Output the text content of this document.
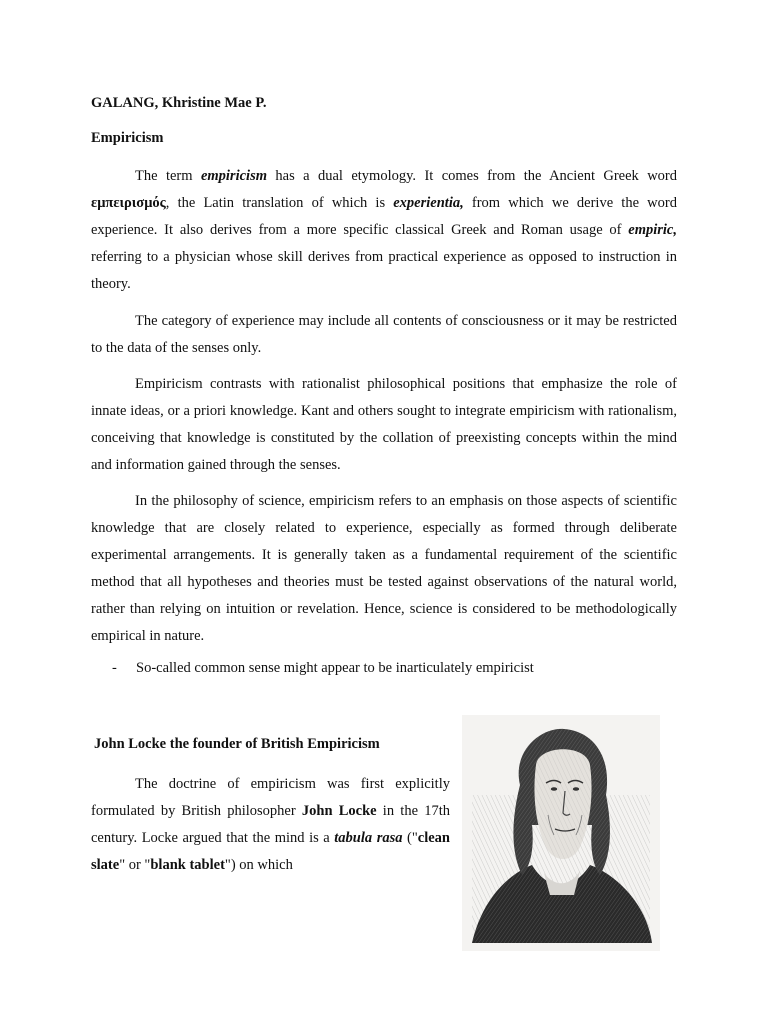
GALANG, Khristine Mae P.

Empiricism

The term empiricism has a dual etymology. It comes from the Ancient Greek word εμπειρισμός, the Latin translation of which is experientia, from which we derive the word experience. It also derives from a more specific classical Greek and Roman usage of empiric, referring to a physician whose skill derives from practical experience as opposed to instruction in theory.

The category of experience may include all contents of consciousness or it may be restricted to the data of the senses only.

Empiricism contrasts with rationalist philosophical positions that emphasize the role of innate ideas, or a priori knowledge. Kant and others sought to integrate empiricism with rationalism, conceiving that knowledge is constituted by the collation of preexisting concepts within the mind and information gained through the senses.

In the philosophy of science, empiricism refers to an emphasis on those aspects of scientific knowledge that are closely related to experience, especially as formed through deliberate experimental arrangements. It is generally taken as a fundamental requirement of the scientific method that all hypotheses and theories must be tested against observations of the natural world, rather than relying on intuition or revelation. Hence, science is considered to be methodologically empirical in nature.

- So-called common sense might appear to be inarticulately empiricist

John Locke the founder of British Empiricism

The doctrine of empiricism was first explicitly formulated by British philosopher John Locke in the 17th century. Locke argued that the mind is a tabula rasa ("clean slate" or "blank tablet") on which

JOHN LOCKE.
